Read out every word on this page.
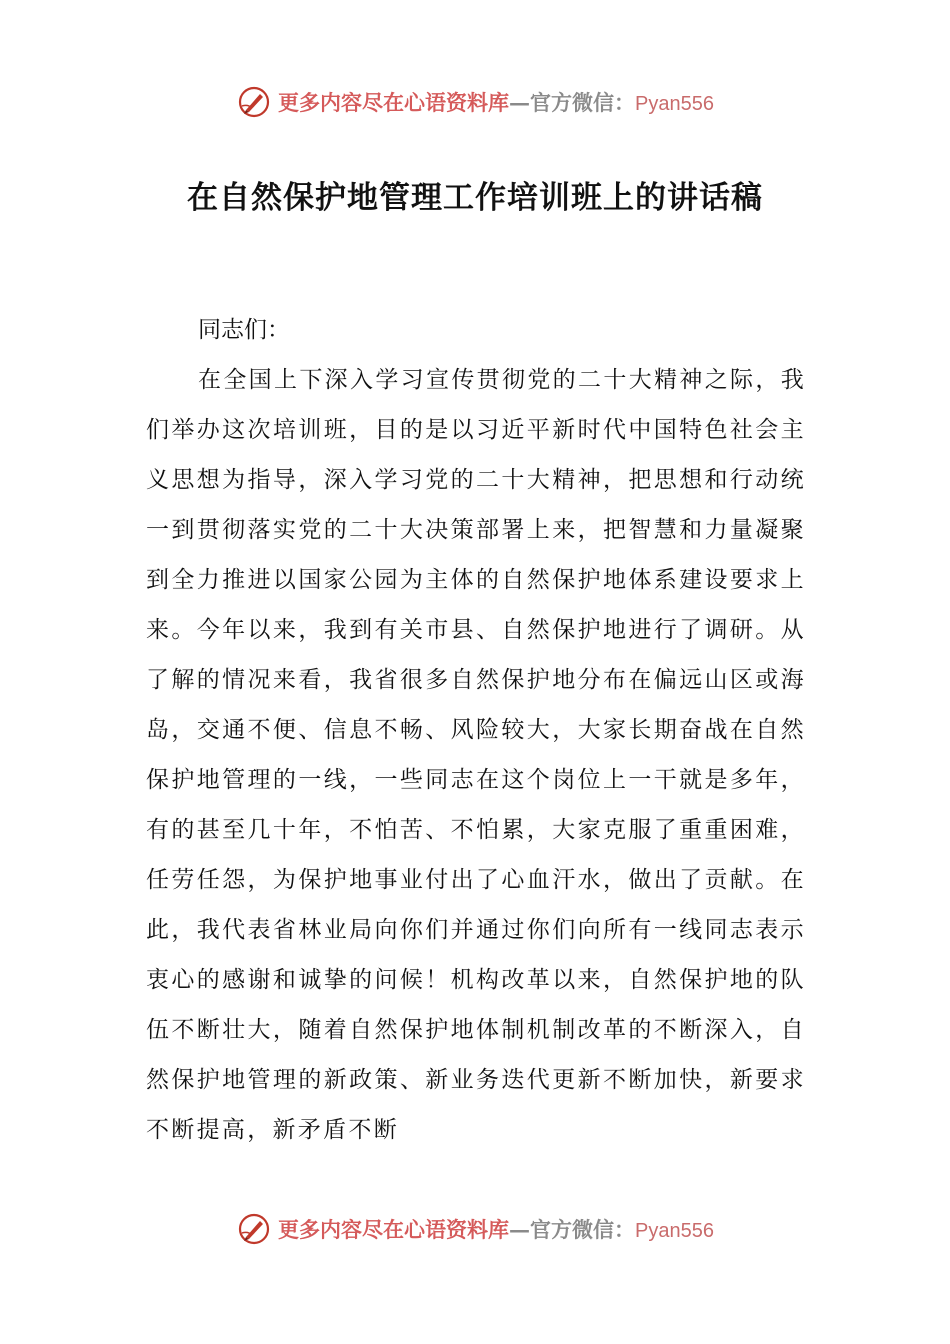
更多内容尽在心语资料库 —官方微信： Pyan556
在自然保护地管理工作培训班上的讲话稿

同志们：

在全国上下深入学习宣传贯彻党的二十大精神之际，我们举办这次培训班，目的是以习近平新时代中国特色社会主义思想为指导，深入学习党的二十大精神，把思想和行动统一到贯彻落实党的二十大决策部署上来，把智慧和力量凝聚到全力推进以国家公园为主体的自然保护地体系建设要求上来。今年以来，我到有关市县、自然保护地进行了调研。从了解的情况来看，我省很多自然保护地分布在偏远山区或海岛，交通不便、信息不畅、风险较大，大家长期奋战在自然保护地管理的一线，一些同志在这个岗位上一干就是多年，有的甚至几十年，不怕苦、不怕累，大家克服了重重困难，任劳任怨，为保护地事业付出了心血汗水，做出了贡献。在此，我代表省林业局向你们并通过你们向所有一线同志表示衷心的感谢和诚挚的问候！机构改革以来，自然保护地的队伍不断壮大，随着自然保护地体制机制改革的不断深入，自然保护地管理的新政策、新业务迭代更新不断加快，新要求不断提高，新矛盾不断

更多内容尽在心语资料库 —官方微信： Pyan556
